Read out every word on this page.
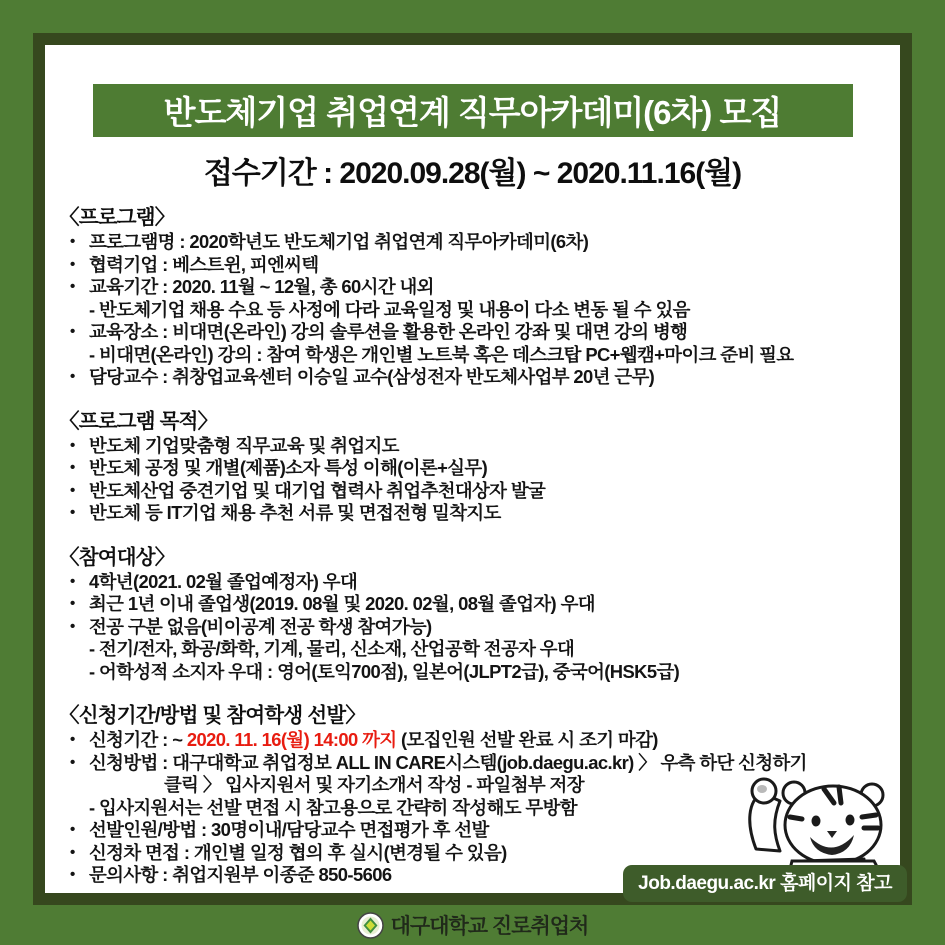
반도체기업 취업연계 직무아카데미(6차) 모집
접수기간 : 2020.09.28(월) ~ 2020.11.16(월)
〈프로그램〉
• 프로그램명 : 2020학년도 반도체기업 취업연계 직무아카데미(6차)
• 협력기업 : 베스트윈, 피엔씨텍
• 교육기간 : 2020. 11월 ~ 12월, 총 60시간 내외
- 반도체기업 채용 수요 등 사정에 다라 교육일정 및 내용이 다소 변동 될 수 있음
• 교육장소 : 비대면(온라인) 강의 솔루션을 활용한 온라인 강좌 및 대면 강의 병행
- 비대면(온라인) 강의 : 참여 학생은 개인별 노트북 혹은 데스크탑 PC+웹캠+마이크 준비 필요
• 담당교수 : 취창업교육센터 이승일 교수(삼성전자 반도체사업부 20년 근무)
〈프로그램 목적〉
• 반도체 기업맞춤형 직무교육 및 취업지도
• 반도체 공정 및 개별(제품)소자 특성 이해(이론+실무)
• 반도체산업 중견기업 및 대기업 협력사 취업추천대상자 발굴
• 반도체 등 IT기업 채용 추천 서류 및 면접전형 밀착지도
〈참여대상〉
• 4학년(2021. 02월 졸업예정자) 우대
• 최근 1년 이내 졸업생(2019. 08월 및 2020. 02월, 08월 졸업자) 우대
• 전공 구분 없음(비이공계 전공 학생 참여가능)
- 전기/전자, 화공/화학, 기계, 물리, 신소재, 산업공학 전공자 우대
- 어학성적 소지자 우대 : 영어(토익700점), 일본어(JLPT2급), 중국어(HSK5급)
〈신청기간/방법 및 참여학생 선발〉
• 신청기간 : ~ 2020. 11. 16(월) 14:00 까지 (모집인원 선발 완료 시 조기 마감)
• 신청방법 : 대구대학교 취업정보 ALL IN CARE시스템(job.daegu.ac.kr) 〉 우측 하단 신청하기
클릭 〉 입사지원서 및 자기소개서 작성 - 파일첨부 저장
- 입사지원서는 선발 면접 시 참고용으로 간략히 작성해도 무방함
• 선발인원/방법 : 30명이내/담당교수 면접평가 후 선발
• 신정차 면접 : 개인별 일정 협의 후 실시(변경될 수 있음)
• 문의사항 : 취업지원부 이종준 850-5606	Job.daegu.ac.kr 홈페이지 참고
대구대학교 진로취업처
